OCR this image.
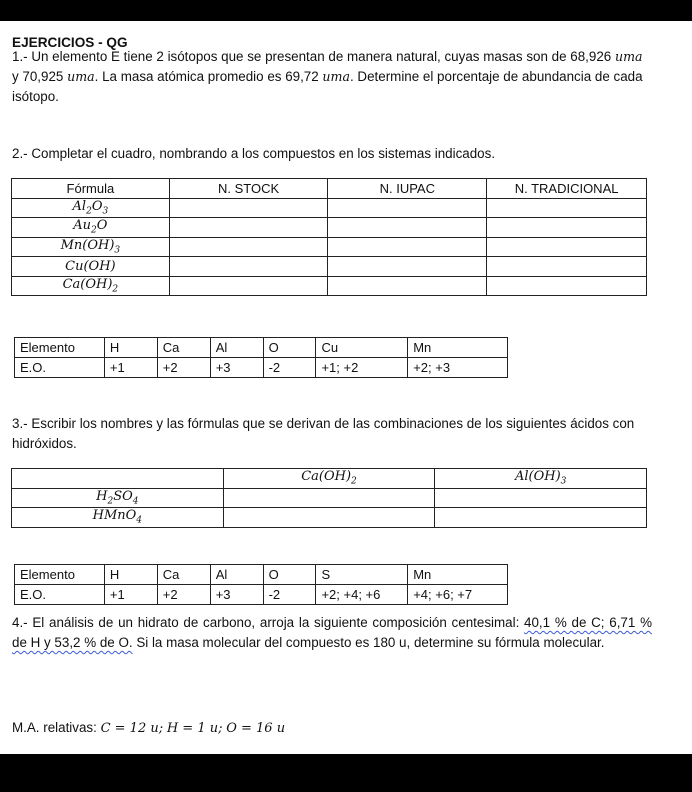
EJERCICIOS - QG

1.- Un elemento E tiene 2 isótopos que se presentan de manera natural, cuyas masas son de 68,926 uma y 70,925 uma. La masa atómica promedio es 69,72 uma. Determine el porcentaje de abundancia de cada isótopo.

2.- Completar el cuadro, nombrando a los compuestos en los sistemas indicados.

Fórmula	N. STOCK	N. IUPAC	N. TRADICIONAL
$Al_2O_3$			
$Au_2O$			
$Mn(OH)_3$			
Cu(OH)			
$Ca(OH)_2$			
Elemento	H	Ca	Al	O	Cu	Mn
E.O.	+1	+2	+3	-2	+1; +2	+2; +3

3.- Escribir los nombres y las fórmulas que se derivan de las combinaciones de los siguientes ácidos con hidróxidos.

	$Ca(OH)_2$	$Al(OH)_3$
$H_2SO_4$		
HMnO$_4$		
Elemento	H	Ca	Al	O	S	Mn
E.O.	+1	+2	+3	-2	+2; +4; +6	+4; +6; +7

4.- El análisis de un hidrato de carbono, arroja la siguiente composición centesimal: 40,1 % de C; 6,71 % de H y 53,2 % de O. Si la masa molecular del compuesto es 180 u, determine su fórmula molecular.

M.A. relativas: C = 12 u; H = 1 u; O = 16 u
